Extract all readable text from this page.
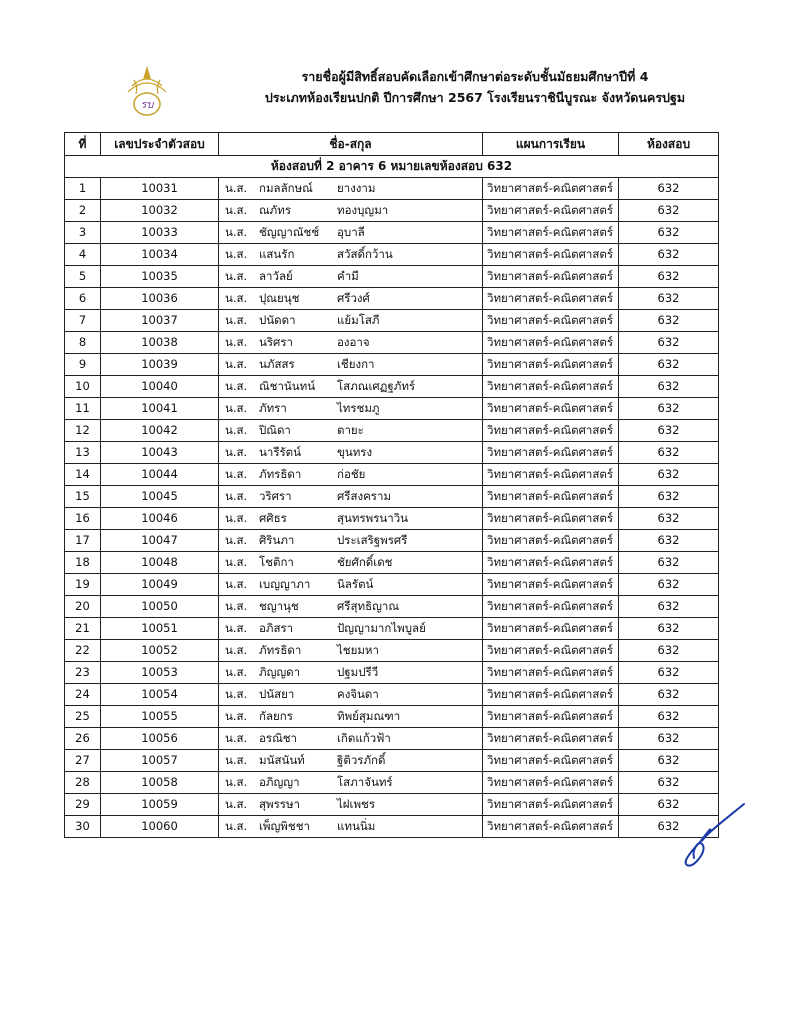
รบ
รายชื่อผู้มีสิทธิ์สอบคัดเลือกเข้าศึกษาต่อระดับชั้นมัธยมศึกษาปีที่ 4
ประเภทห้องเรียนปกติ ปีการศึกษา 2567 โรงเรียนราชินีบูรณะ จังหวัดนครปฐม
ที่	เลขประจำตัวสอบ	ชื่อ-สกุล	แผนการเรียน	ห้องสอบ
ห้องสอบที่ 2 อาคาร 6 หมายเลขห้องสอบ 632				
1	10031	น.ส. กมลลักษณ์ ยางงาม	วิทยาศาสตร์-คณิตศาสตร์	632
2	10032	น.ส. ณภัทร ทองบุญมา	วิทยาศาสตร์-คณิตศาสตร์	632
3	10033	น.ส. ชัญญาณัชช์ อุบาลี	วิทยาศาสตร์-คณิตศาสตร์	632
4	10034	น.ส. แสนรัก สวัสดิ์กว้าน	วิทยาศาสตร์-คณิตศาสตร์	632
5	10035	น.ส. ลาวัลย์ คำมี	วิทยาศาสตร์-คณิตศาสตร์	632
6	10036	น.ส. ปุณยนุช ศรีวงศ์	วิทยาศาสตร์-คณิตศาสตร์	632
7	10037	น.ส. ปนัดดา แย้มโสภี	วิทยาศาสตร์-คณิตศาสตร์	632
8	10038	น.ส. นริศรา องอาจ	วิทยาศาสตร์-คณิตศาสตร์	632
9	10039	น.ส. นภัสสร เชียงกา	วิทยาศาสตร์-คณิตศาสตร์	632
10	10040	น.ส. ณิชานันทน์ โสภณเศฏฐภัทร์	วิทยาศาสตร์-คณิตศาสตร์	632
11	10041	น.ส. ภัทรา ไทรชมภู	วิทยาศาสตร์-คณิตศาสตร์	632
12	10042	น.ส. ปิณิดา ตายะ	วิทยาศาสตร์-คณิตศาสตร์	632
13	10043	น.ส. นารีรัตน์ ขุนทรง	วิทยาศาสตร์-คณิตศาสตร์	632
14	10044	น.ส. ภัทรธิดา ก่อชัย	วิทยาศาสตร์-คณิตศาสตร์	632
15	10045	น.ส. วริศรา ศรีสงคราม	วิทยาศาสตร์-คณิตศาสตร์	632
16	10046	น.ส. ศศิธร สุนทรพรนาวิน	วิทยาศาสตร์-คณิตศาสตร์	632
17	10047	น.ส. ศิรินภา ประเสริฐพรศรี	วิทยาศาสตร์-คณิตศาสตร์	632
18	10048	น.ส. โชติกา ชัยศักดิ์เดช	วิทยาศาสตร์-คณิตศาสตร์	632
19	10049	น.ส. เบญญาภา นิลรัตน์	วิทยาศาสตร์-คณิตศาสตร์	632
20	10050	น.ส. ชญานุช ศรีสุทธิญาณ	วิทยาศาสตร์-คณิตศาสตร์	632
21	10051	น.ส. อภิสรา ปัญญามากไพบูลย์	วิทยาศาสตร์-คณิตศาสตร์	632
22	10052	น.ส. ภัทรธิดา ไชยมหา	วิทยาศาสตร์-คณิตศาสตร์	632
23	10053	น.ส. ภิญญดา ปฐมปรีวี	วิทยาศาสตร์-คณิตศาสตร์	632
24	10054	น.ส. ปนัสยา คงจินดา	วิทยาศาสตร์-คณิตศาสตร์	632
25	10055	น.ส. กัลยกร ทิพย์สุมณฑา	วิทยาศาสตร์-คณิตศาสตร์	632
26	10056	น.ส. อรณิชา เกิดแก้วฟ้า	วิทยาศาสตร์-คณิตศาสตร์	632
27	10057	น.ส. มนัสนันท์ ฐิติวรภักดิ์	วิทยาศาสตร์-คณิตศาสตร์	632
28	10058	น.ส. อภิญญา โสภาจันทร์	วิทยาศาสตร์-คณิตศาสตร์	632
29	10059	น.ส. สุพรรษา ไฝเพชร	วิทยาศาสตร์-คณิตศาสตร์	632
30	10060	น.ส. เพ็ญพิชชา แทนนิ่ม	วิทยาศาสตร์-คณิตศาสตร์	632
